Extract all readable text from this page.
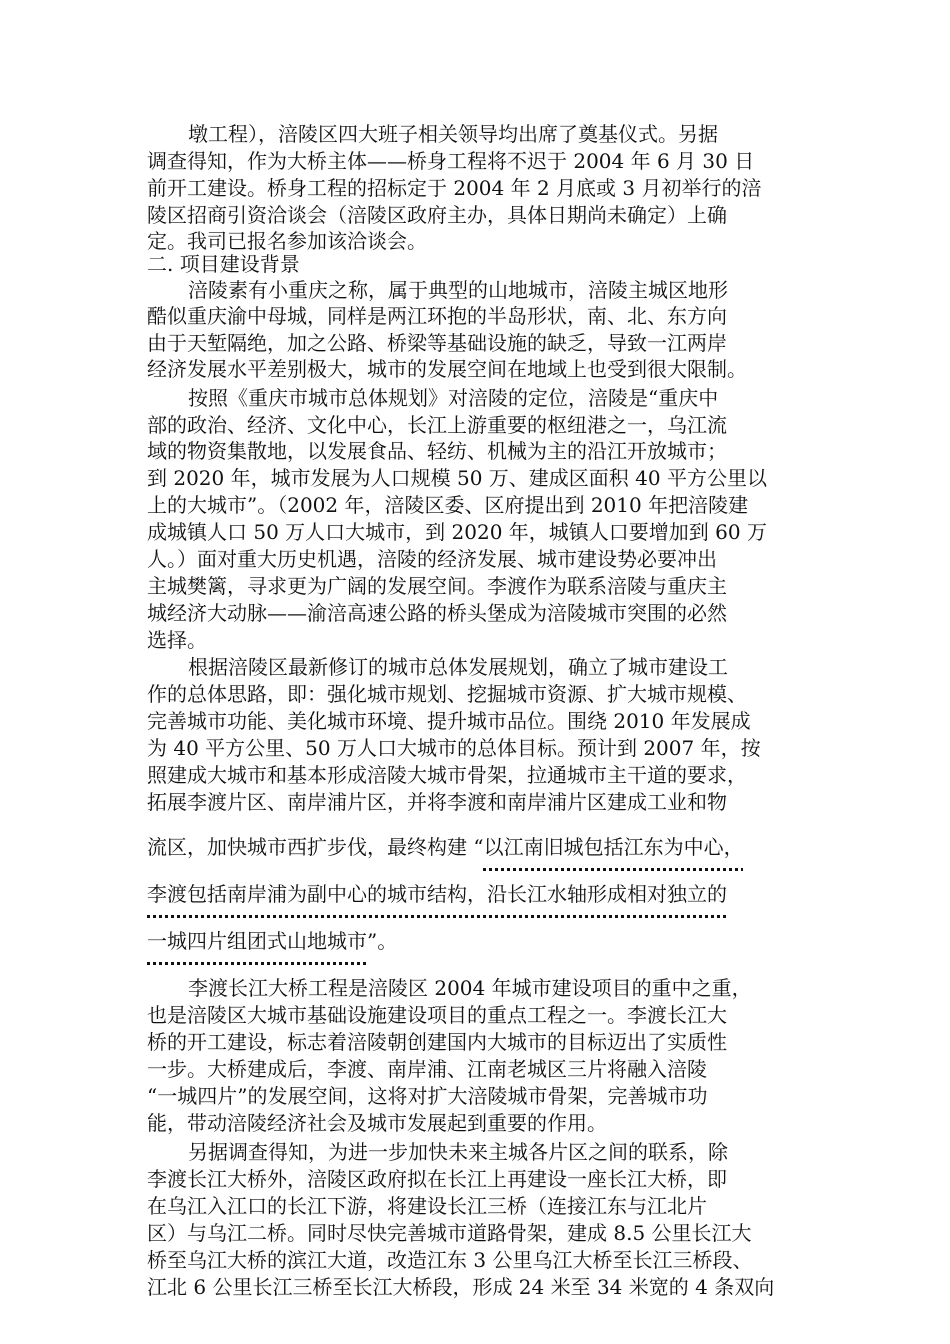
墩工程），涪陵区四大班子相关领导均出席了奠基仪式。另据
调查得知，作为大桥主体——桥身工程将不迟于 2004 年 6 月 30 日
前开工建设。桥身工程的招标定于 2004 年 2 月底或 3 月初举行的涪
陵区招商引资洽谈会（涪陵区政府主办，具体日期尚未确定）上确
定。我司已报名参加该洽谈会。
二. 项目建设背景
涪陵素有小重庆之称，属于典型的山地城市，涪陵主城区地形
酷似重庆渝中母城，同样是两江环抱的半岛形状，南、北、东方向
由于天堑隔绝，加之公路、桥梁等基础设施的缺乏，导致一江两岸
经济发展水平差别极大，城市的发展空间在地域上也受到很大限制。
按照《重庆市城市总体规划》对涪陵的定位，涪陵是“重庆中
部的政治、经济、文化中心，长江上游重要的枢纽港之一，乌江流
域的物资集散地，以发展食品、轻纺、机械为主的沿江开放城市；
到 2020 年，城市发展为人口规模 50 万、建成区面积 40 平方公里以
上的大城市”。（2002 年，涪陵区委、区府提出到 2010 年把涪陵建
成城镇人口 50 万人口大城市，到 2020 年，城镇人口要增加到 60 万
人。）面对重大历史机遇，涪陵的经济发展、城市建设势必要冲出
主城樊篱，寻求更为广阔的发展空间。李渡作为联系涪陵与重庆主
城经济大动脉——渝涪高速公路的桥头堡成为涪陵城市突围的必然
选择。
根据涪陵区最新修订的城市总体发展规划，确立了城市建设工
作的总体思路，即：强化城市规划、挖掘城市资源、扩大城市规模、
完善城市功能、美化城市环境、提升城市品位。围绕 2010 年发展成
为 40 平方公里、50 万人口大城市的总体目标。预计到 2007 年，按
照建成大城市和基本形成涪陵大城市骨架，拉通城市主干道的要求，
拓展李渡片区、南岸浦片区，并将李渡和南岸浦片区建成工业和物
流区，加快城市西扩步伐，最终构建 “以江南旧城包括江东为中心，
李渡包括南岸浦为副中心的城市结构，沿长江水轴形成相对独立的
一城四片组团式山地城市”。
李渡长江大桥工程是涪陵区 2004 年城市建设项目的重中之重，
也是涪陵区大城市基础设施建设项目的重点工程之一。李渡长江大
桥的开工建设，标志着涪陵朝创建国内大城市的目标迈出了实质性
一步。大桥建成后，李渡、南岸浦、江南老城区三片将融入涪陵
“一城四片”的发展空间，这将对扩大涪陵城市骨架，完善城市功
能，带动涪陵经济社会及城市发展起到重要的作用。
另据调查得知，为进一步加快未来主城各片区之间的联系，除
李渡长江大桥外，涪陵区政府拟在长江上再建设一座长江大桥，即
在乌江入江口的长江下游，将建设长江三桥（连接江东与江北片
区）与乌江二桥。同时尽快完善城市道路骨架，建成 8.5 公里长江大
桥至乌江大桥的滨江大道，改造江东 3 公里乌江大桥至长江三桥段、
江北 6 公里长江三桥至长江大桥段，形成 24 米至 34 米宽的 4 条双向
